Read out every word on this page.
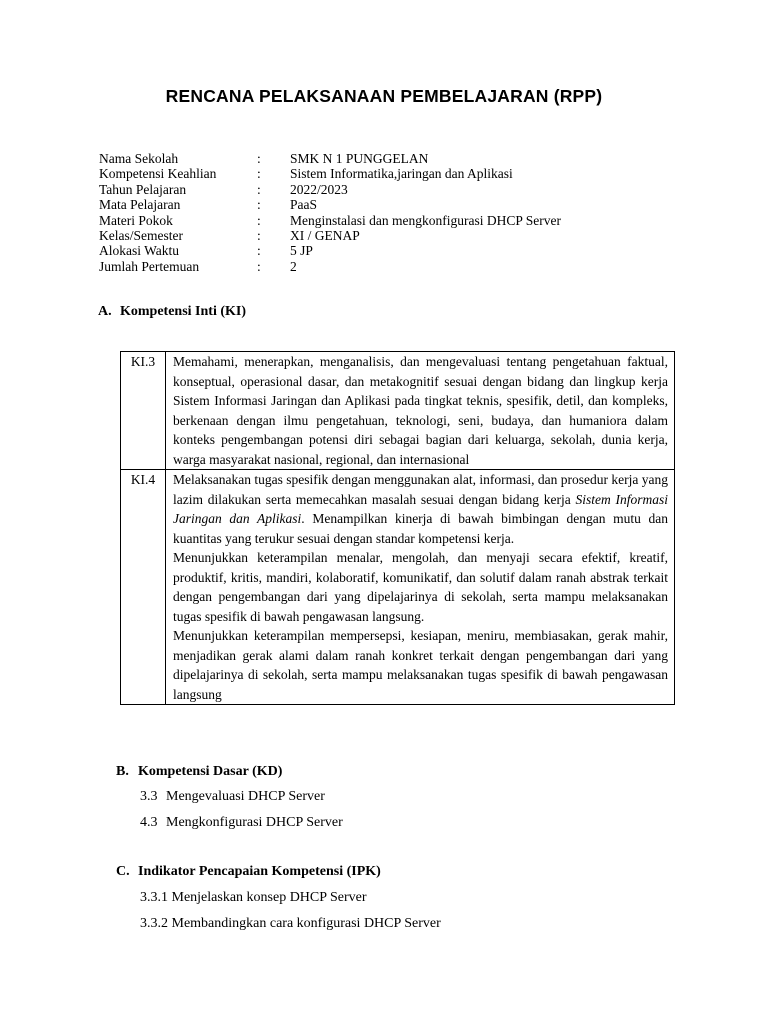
RENCANA PELAKSANAAN PEMBELAJARAN (RPP)
Nama Sekolah	:	SMK N 1 PUNGGELAN
Kompetensi Keahlian	:	Sistem Informatika,jaringan dan Aplikasi
Tahun Pelajaran	:	2022/2023
Mata Pelajaran	:	PaaS
Materi Pokok	:	Menginstalasi dan mengkonfigurasi DHCP Server
Kelas/Semester	:	XI / GENAP
Alokasi Waktu	:	5 JP
Jumlah Pertemuan	:	2
A. Kompetensi Inti (KI)
KI.3	Memahami, menerapkan, menganalisis, dan mengevaluasi tentang pengetahuan faktual, konseptual, operasional dasar, dan metakognitif sesuai dengan bidang dan lingkup kerja Sistem Informasi Jaringan dan Aplikasi pada tingkat teknis, spesifik, detil, dan kompleks, berkenaan dengan ilmu pengetahuan, teknologi, seni, budaya, dan humaniora dalam konteks pengembangan potensi diri sebagai bagian dari keluarga, sekolah, dunia kerja, warga masyarakat nasional, regional, dan internasional

KI.4	Melaksanakan tugas spesifik dengan menggunakan alat, informasi, dan prosedur kerja yang lazim dilakukan serta memecahkan masalah sesuai dengan bidang kerja Sistem Informasi Jaringan dan Aplikasi. Menampilkan kinerja di bawah bimbingan dengan mutu dan kuantitas yang terukur sesuai dengan standar kompetensi kerja.

Menunjukkan keterampilan menalar, mengolah, dan menyaji secara efektif, kreatif, produktif, kritis, mandiri, kolaboratif, komunikatif, dan solutif dalam ranah abstrak terkait dengan pengembangan dari yang dipelajarinya di sekolah, serta mampu melaksanakan tugas spesifik di bawah pengawasan langsung.

Menunjukkan keterampilan mempersepsi, kesiapan, meniru, membiasakan, gerak mahir, menjadikan gerak alami dalam ranah konkret terkait dengan pengembangan dari yang dipelajarinya di sekolah, serta mampu melaksanakan tugas spesifik di bawah pengawasan langsung

B. Kompetensi Dasar (KD)
3.3 Mengevaluasi DHCP Server
4.3 Mengkonfigurasi DHCP Server
C. Indikator Pencapaian Kompetensi (IPK)
3.3.1 Menjelaskan konsep DHCP Server
3.3.2 Membandingkan cara konfigurasi DHCP Server
